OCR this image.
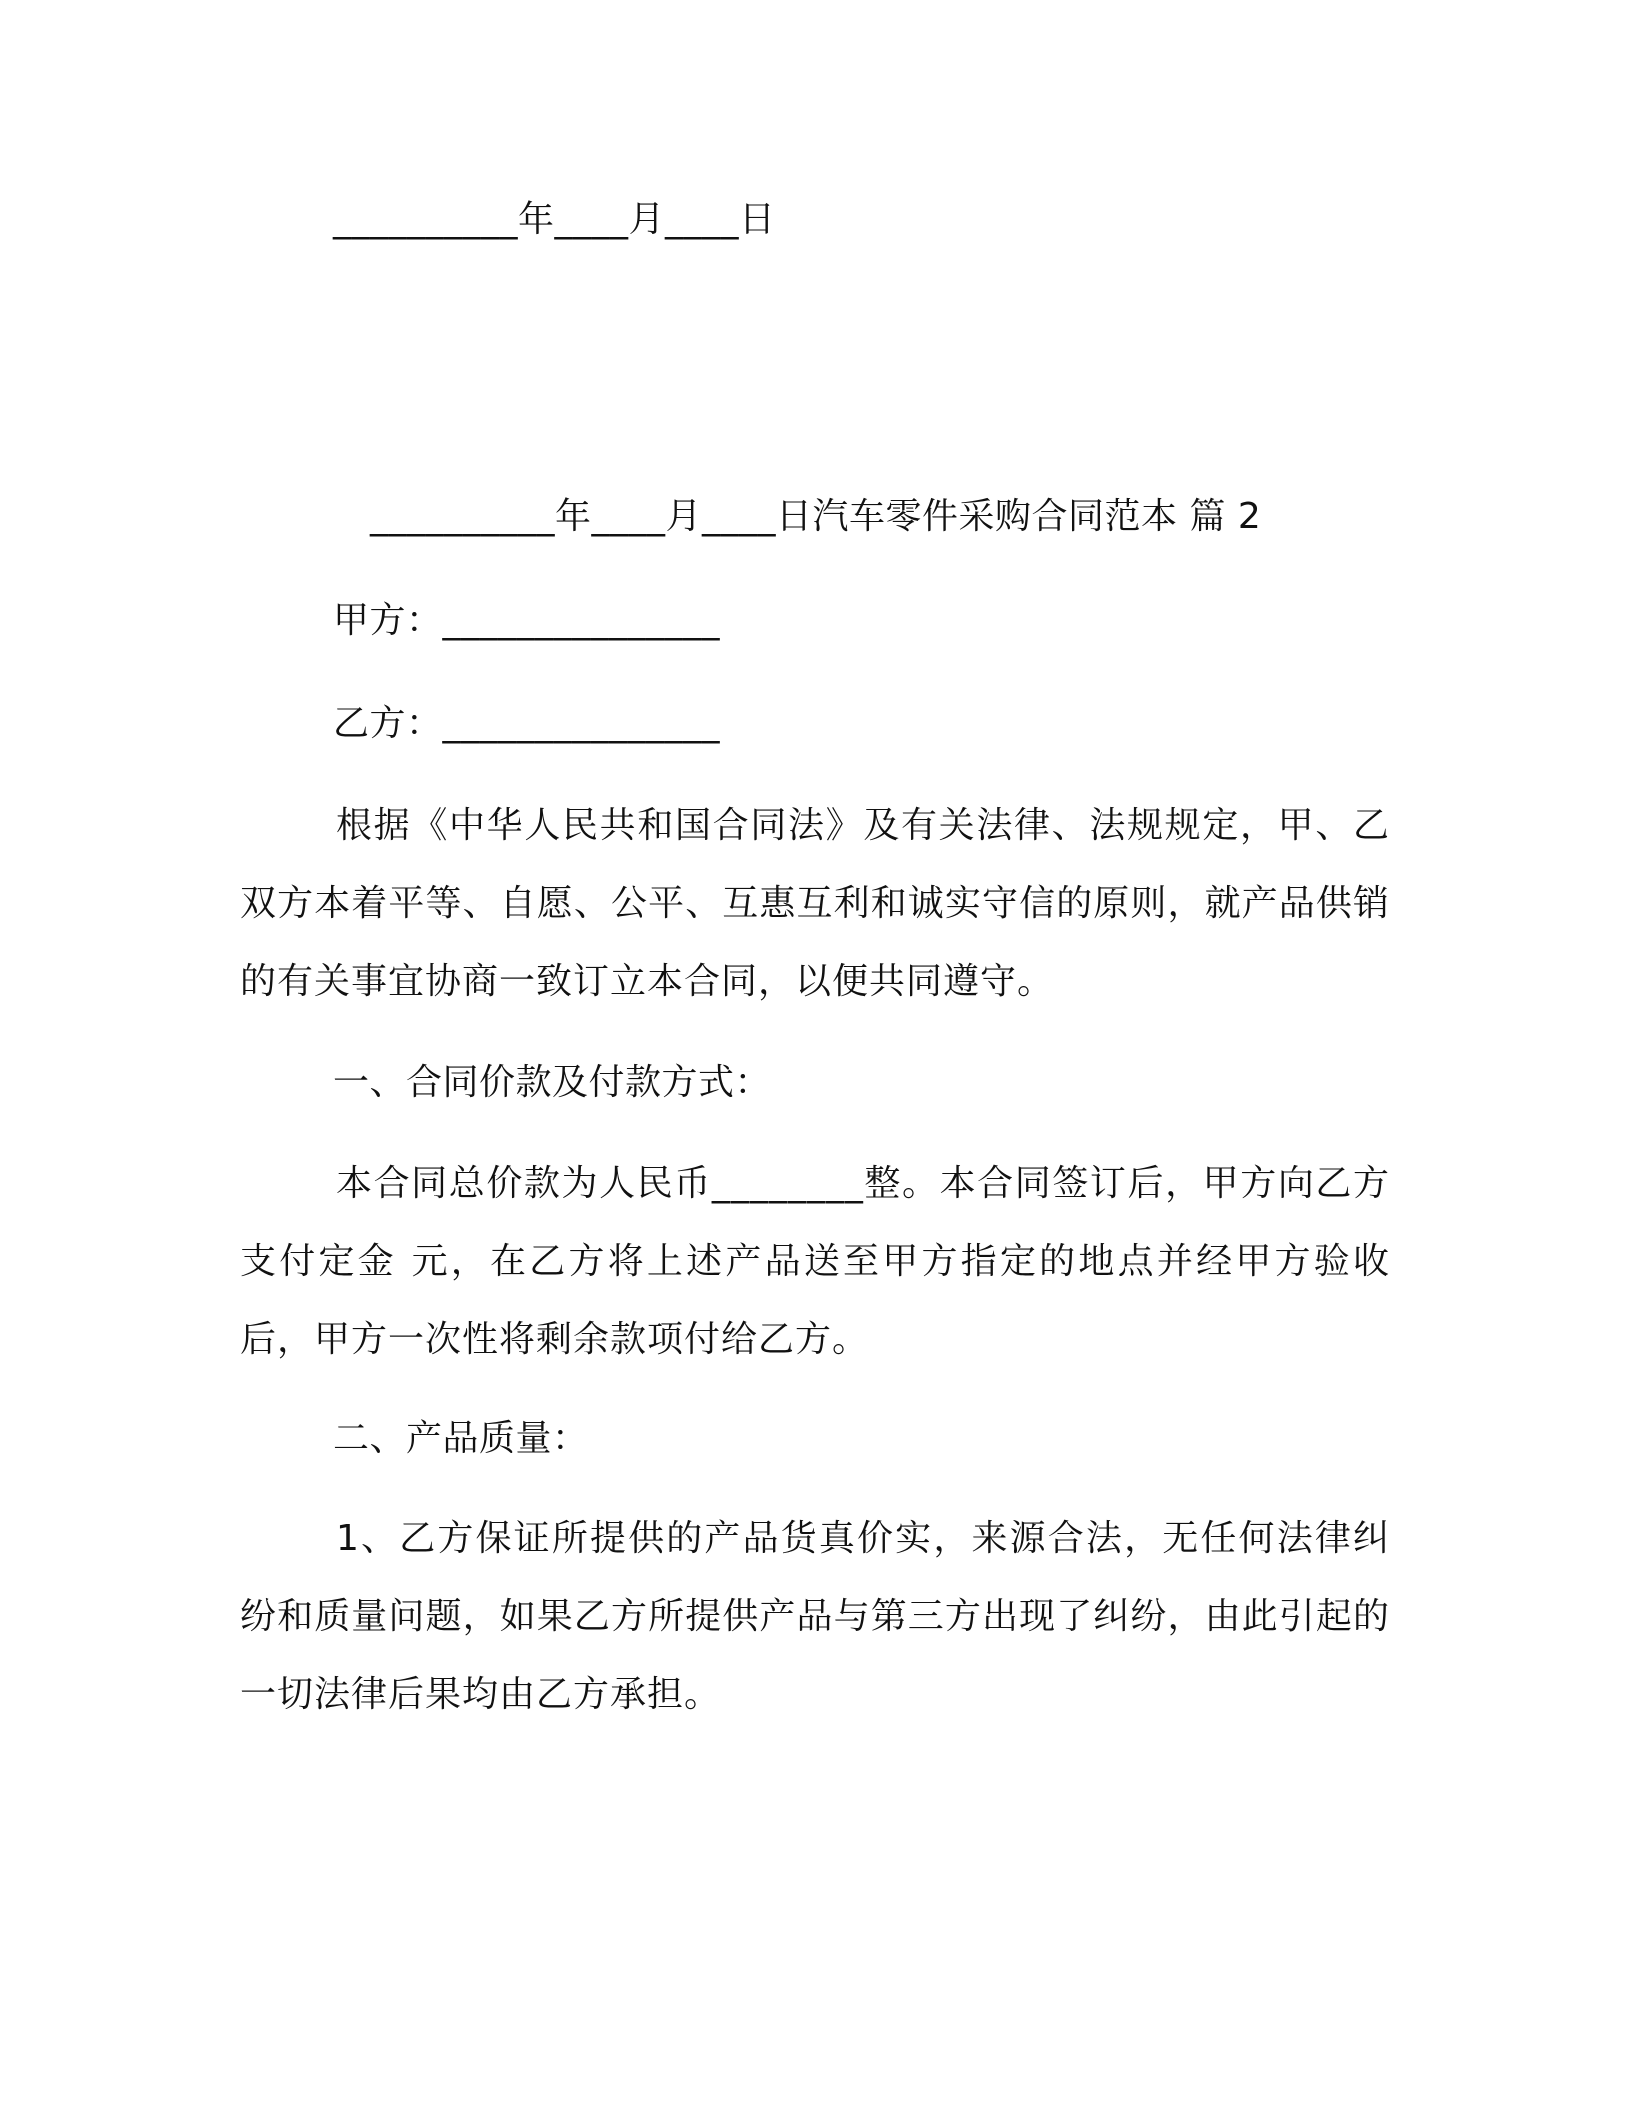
__________年____月____日
__________年____月____日汽车零件采购合同范本 篇 2
甲方：_______________
乙方：_______________
根据《中华人民共和国合同法》及有关法律、法规规定，甲、乙双方本着平等、自愿、公平、互惠互利和诚实守信的原则，就产品供销的有关事宜协商一致订立本合同，以便共同遵守。
一、合同价款及付款方式：
本合同总价款为人民币________整。本合同签订后，甲方向乙方支付定金 元，在乙方将上述产品送至甲方指定的地点并经甲方验收后，甲方一次性将剩余款项付给乙方。
二、产品质量：
1、乙方保证所提供的产品货真价实，来源合法，无任何法律纠纷和质量问题，如果乙方所提供产品与第三方出现了纠纷，由此引起的一切法律后果均由乙方承担。
